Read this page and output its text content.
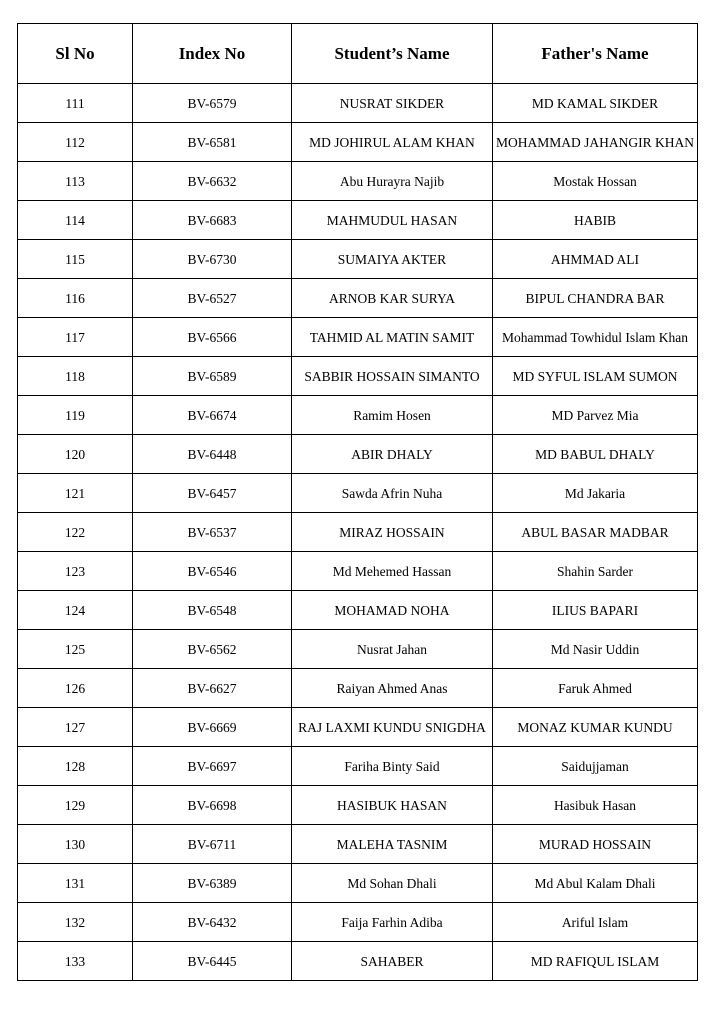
Sl No	Index No	Student’s Name	Father's Name
111	BV-6579	NUSRAT SIKDER	MD KAMAL SIKDER
112	BV-6581	MD JOHIRUL ALAM KHAN	MOHAMMAD JAHANGIR KHAN
113	BV-6632	Abu Hurayra Najib	Mostak Hossan
114	BV-6683	MAHMUDUL HASAN	HABIB
115	BV-6730	SUMAIYA AKTER	AHMMAD ALI
116	BV-6527	ARNOB KAR SURYA	BIPUL CHANDRA BAR
117	BV-6566	TAHMID AL MATIN SAMIT	Mohammad Towhidul Islam Khan
118	BV-6589	SABBIR HOSSAIN SIMANTO	MD SYFUL ISLAM SUMON
119	BV-6674	Ramim Hosen	MD Parvez Mia
120	BV-6448	ABIR DHALY	MD BABUL DHALY
121	BV-6457	Sawda Afrin Nuha	Md Jakaria
122	BV-6537	MIRAZ HOSSAIN	ABUL BASAR MADBAR
123	BV-6546	Md Mehemed Hassan	Shahin Sarder
124	BV-6548	MOHAMAD NOHA	ILIUS BAPARI
125	BV-6562	Nusrat Jahan	Md Nasir Uddin
126	BV-6627	Raiyan Ahmed Anas	Faruk Ahmed
127	BV-6669	RAJ LAXMI KUNDU SNIGDHA	MONAZ KUMAR KUNDU
128	BV-6697	Fariha Binty Said	Saidujjaman
129	BV-6698	HASIBUK HASAN	Hasibuk Hasan
130	BV-6711	MALEHA TASNIM	MURAD HOSSAIN
131	BV-6389	Md Sohan Dhali	Md Abul Kalam Dhali
132	BV-6432	Faija Farhin Adiba	Ariful Islam
133	BV-6445	SAHABER	MD RAFIQUL ISLAM
